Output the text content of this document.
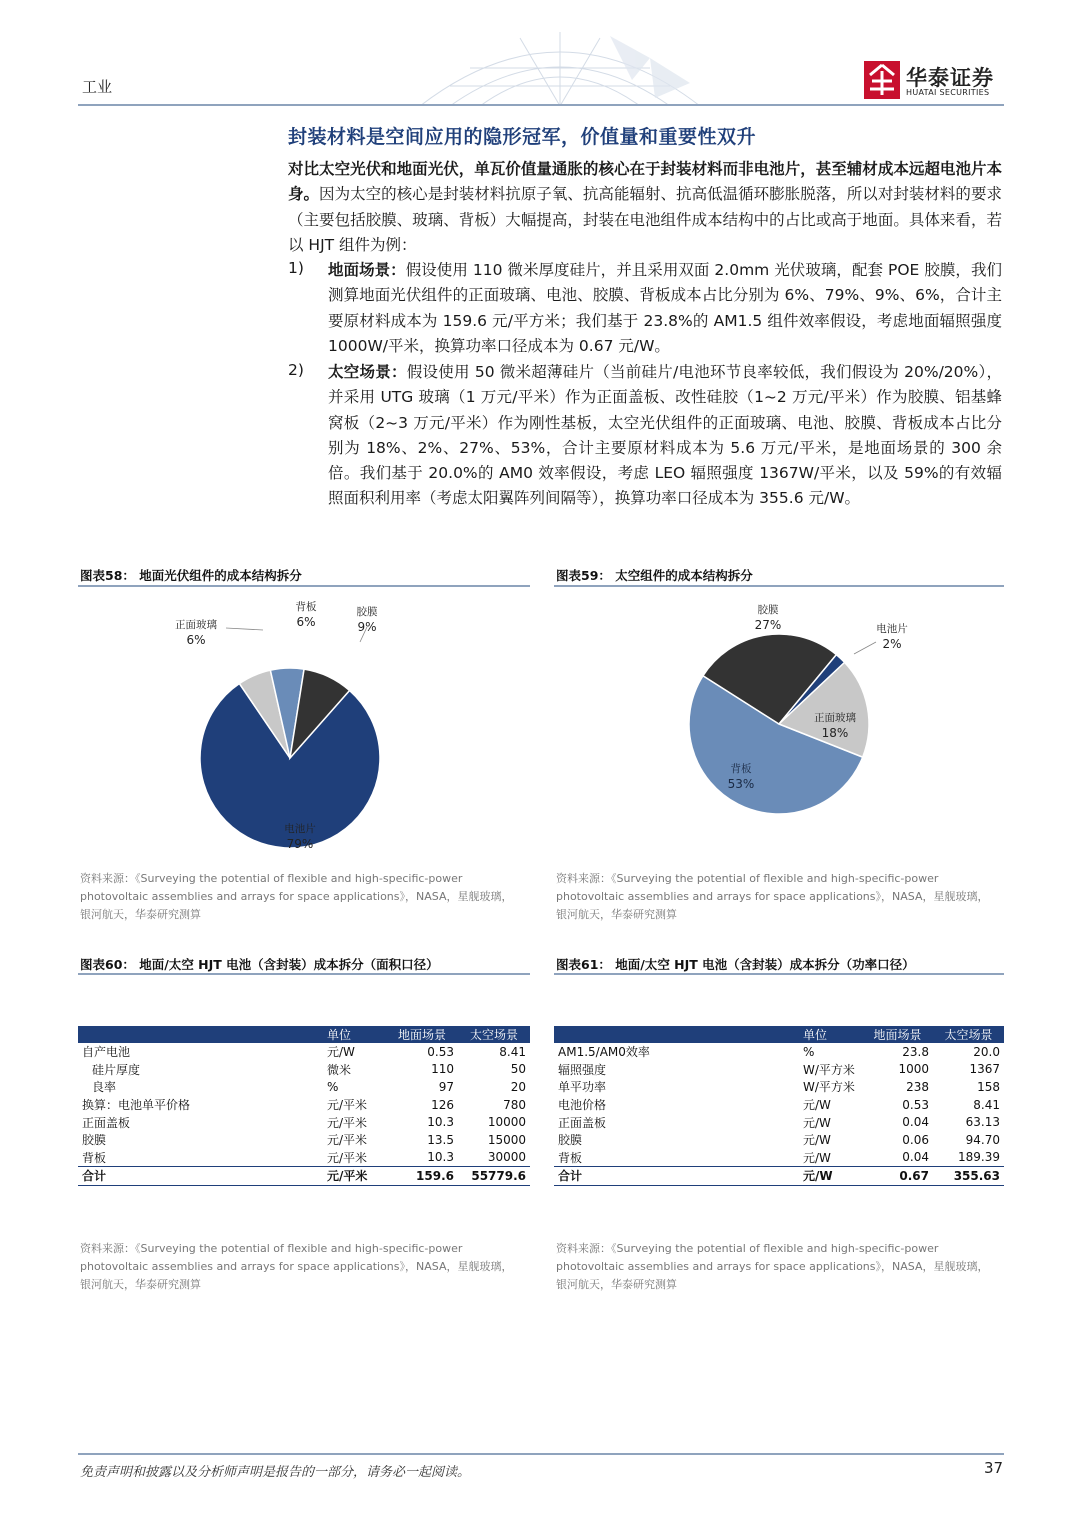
工业	华泰证券
HUATAI SECURITIES
封装材料是空间应用的隐形冠军，价值量和重要性双升
对比太空光伏和地面光伏，单瓦价值量通胀的核心在于封装材料而非电池片，甚至辅材成本远超电池片本身。因为太空的核心是封装材料抗原子氧、抗高能辐射、抗高低温循环膨胀脱落，所以对封装材料的要求（主要包括胶膜、玻璃、背板）大幅提高，封装在电池组件成本结构中的占比或高于地面。具体来看，若以 HJT 组件为例：
1) 地面场景：假设使用 110 微米厚度硅片，并且采用双面 2.0mm 光伏玻璃，配套 POE 胶膜，我们测算地面光伏组件的正面玻璃、电池、胶膜、背板成本占比分别为 6%、79%、9%、6%，合计主要原材料成本为 159.6 元/平方米；我们基于 23.8%的 AM1.5 组件效率假设，考虑地面辐照强度 1000W/平米，换算功率口径成本为 0.67 元/W。
2) 太空场景：假设使用 50 微米超薄硅片（当前硅片/电池环节良率较低，我们假设为 20%/20%），并采用 UTG 玻璃（1 万元/平米）作为正面盖板、改性硅胶（1~2 万元/平米）作为胶膜、铝基蜂窝板（2~3 万元/平米）作为刚性基板，太空光伏组件的正面玻璃、电池、胶膜、背板成本占比分别为 18%、2%、27%、53%，合计主要原材料成本为 5.6 万元/平米，是地面场景的 300 余倍。我们基于 20.0%的 AM0 效率假设，考虑 LEO 辐照强度 1367W/平米，以及 59%的有效辐照面积利用率（考虑太阳翼阵列间隔等），换算功率口径成本为 355.6 元/W。
图表58： 地面光伏组件的成本结构拆分
电池片
79%
正面玻璃
6%
背板
6%
胶膜
9%
资料来源：《Surveying the potential of flexible and high-specific-power
photovoltaic assemblies and arrays for space applications》，NASA，星舰玻璃，
银河航天，华泰研究测算
图表59： 太空组件的成本结构拆分
背板
53%
胶膜
27%	电池片
2%
正面玻璃
18%
资料来源：《Surveying the potential of flexible and high-specific-power
photovoltaic assemblies and arrays for space applications》，NASA，星舰玻璃，
银河航天，华泰研究测算
图表60： 地面/太空 HJT 电池（含封装）成本拆分（面积口径）
	单位	地面场景	太空场景
自产电池	元/W	0.53	8.41
硅片厚度	微米	110	50
良率	%	97	20
换算：电池单平价格	元/平米	126	780
正面盖板	元/平米	10.3	10000
胶膜	元/平米	13.5	15000
背板	元/平米	10.3	30000
合计	元/平米	159.6	55779.6
资料来源：《Surveying the potential of flexible and high-specific-power
photovoltaic assemblies and arrays for space applications》，NASA，星舰玻璃，
银河航天，华泰研究测算
图表61： 地面/太空 HJT 电池（含封装）成本拆分（功率口径）
	单位	地面场景	太空场景
AM1.5/AM0效率	%	23.8	20.0
辐照强度	W/平方米	1000	1367
单平功率	W/平方米	238	158
电池价格	元/W	0.53	8.41
正面盖板	元/W	0.04	63.13
胶膜	元/W	0.06	94.70
背板	元/W	0.04	189.39
合计	元/W	0.67	355.63
资料来源：《Surveying the potential of flexible and high-specific-power
photovoltaic assemblies and arrays for space applications》，NASA，星舰玻璃，
银河航天，华泰研究测算
免责声明和披露以及分析师声明是报告的一部分，请务必一起阅读。	37
